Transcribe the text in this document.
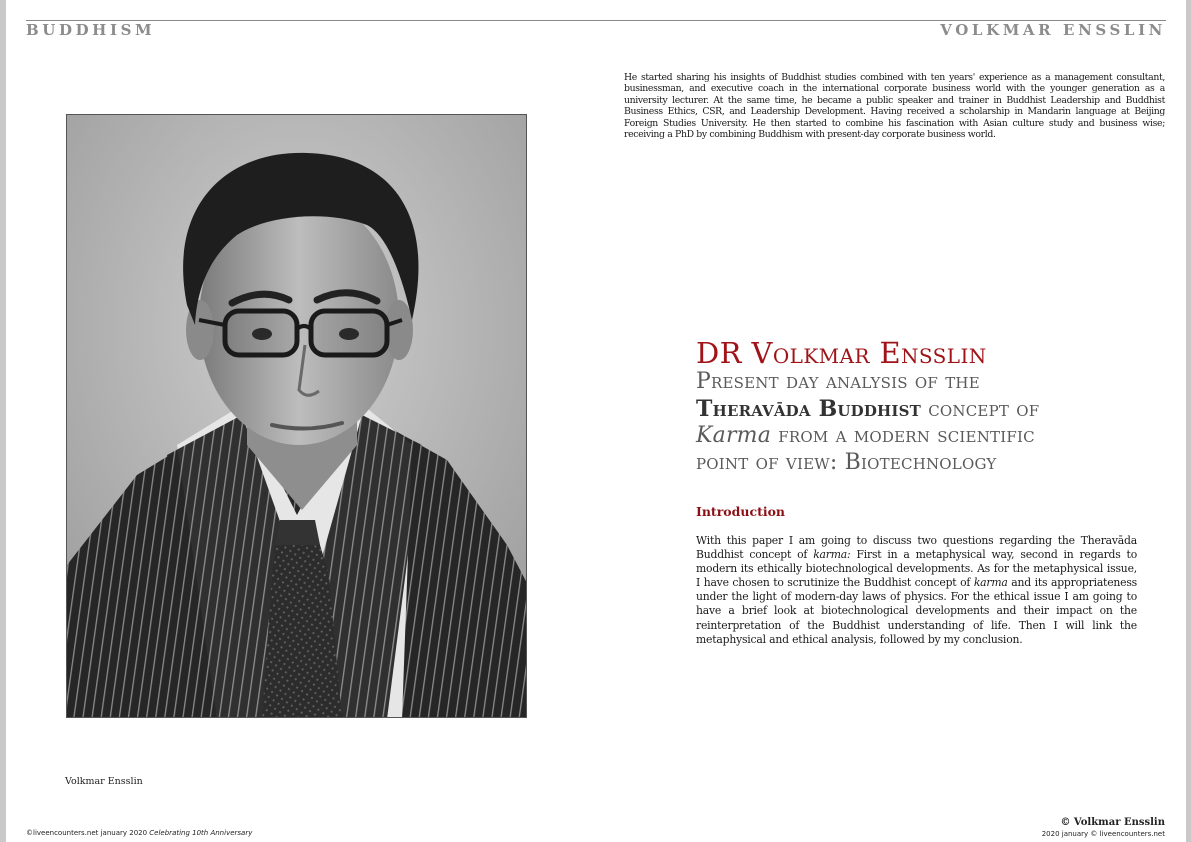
BUDDHISM	VOLKMAR ENSSLIN
He started sharing his insights of Buddhist studies combined with ten years' experience as a management consultant, businessman, and executive coach in the international corporate business world with the younger generation as a university lecturer. At the same time, he became a public speaker and trainer in Buddhist Leadership and Buddhist Business Ethics, CSR, and Leadership Development. Having received a scholarship in Mandarin language at Beijing Foreign Studies University. He then started to combine his fascination with Asian culture study and business wise; receiving a PhD by combining Buddhism with present-day corporate business world.
Volkmar Ensslin
DR Volkmar Ensslin
Present day analysis of the
Theravāda Buddhist concept of
Karma from a modern scientific
point of view: Biotechnology
Introduction
With this paper I am going to discuss two questions regarding the Theravāda Buddhist concept of karma: First in a metaphysical way, second in regards to modern its ethically biotechnological developments. As for the metaphysical issue, I have chosen to scrutinize the Buddhist concept of karma and its appropriateness under the light of modern-day laws of physics. For the ethical issue I am going to have a brief look at biotechnological developments and their impact on the reinterpretation of the Buddhist understanding of life. Then I will link the metaphysical and ethical analysis, followed by my conclusion.
©liveencounters.net january 2020 Celebrating 10th Anniversary
© Volkmar Ensslin
2020 january © liveencounters.net
